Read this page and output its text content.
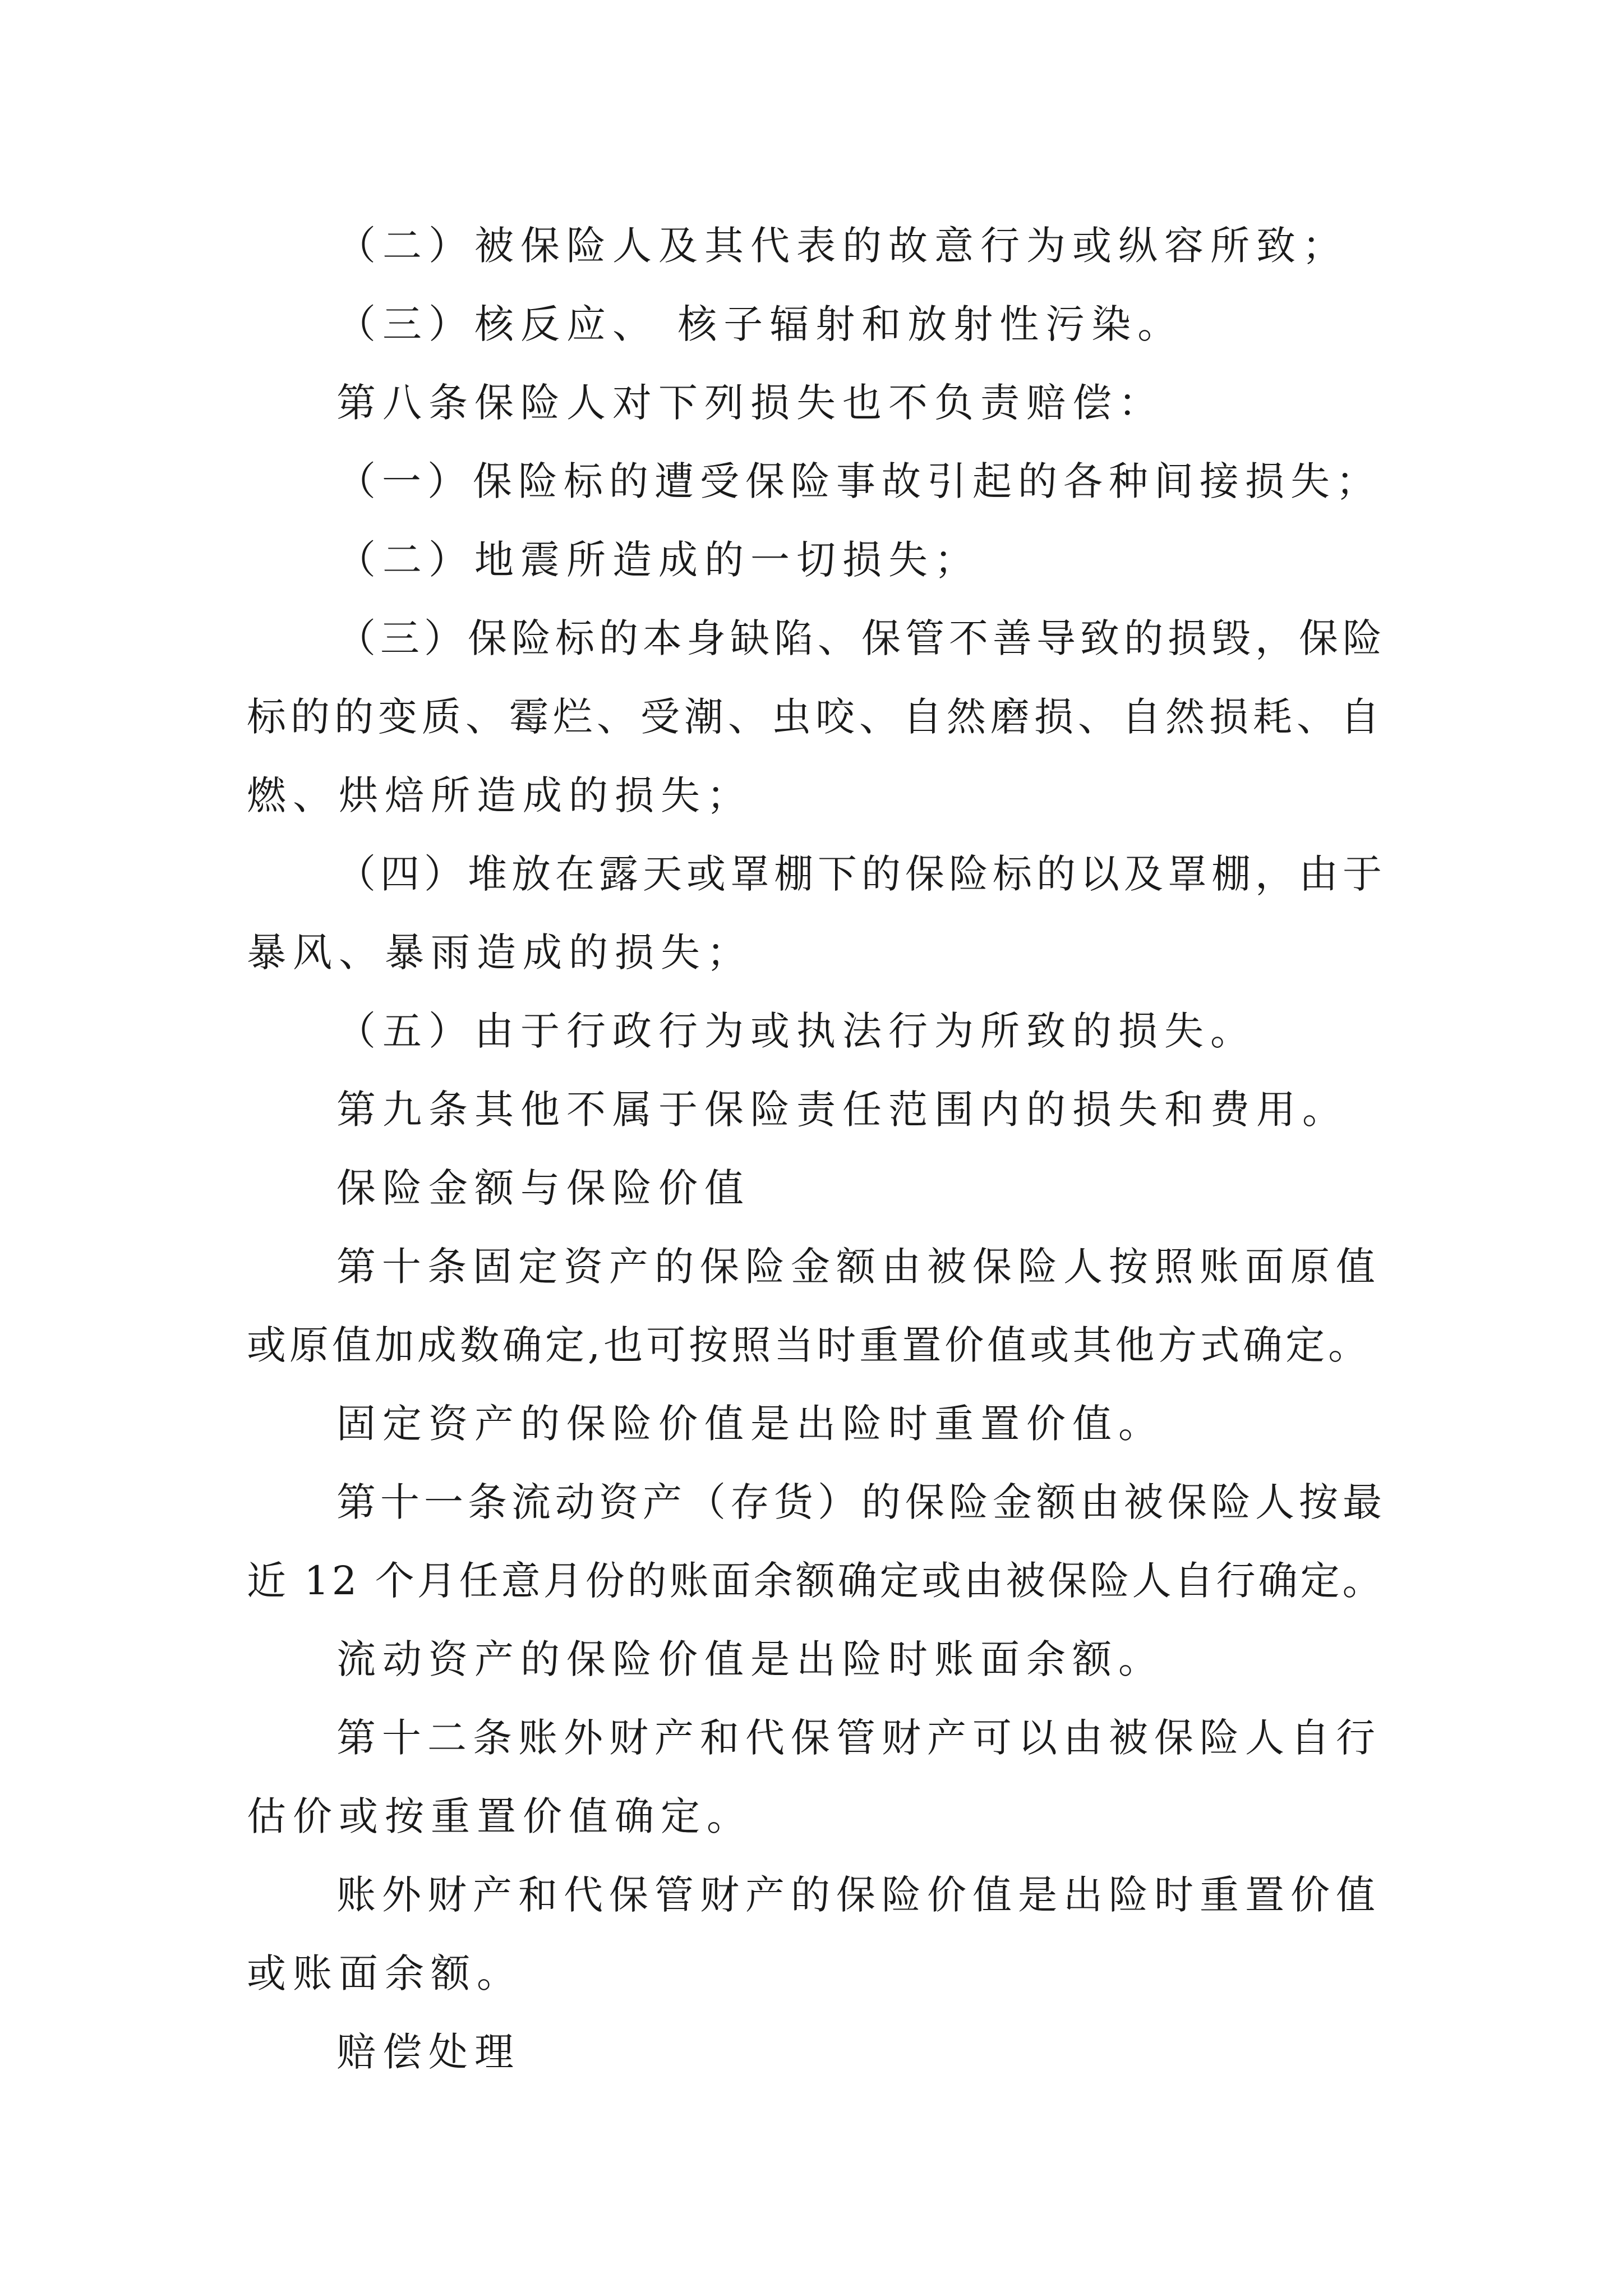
（二）被保险人及其代表的故意行为或纵容所致；
（三）核反应、 核子辐射和放射性污染。
第八条保险人对下列损失也不负责赔偿：
（一）保险标的遭受保险事故引起的各种间接损失；
（二）地震所造成的一切损失；
（三）保险标的本身缺陷、保管不善导致的损毁，保险
标的的变质、霉烂、受潮、虫咬、自然磨损、自然损耗、自
燃、烘焙所造成的损失；
（四）堆放在露天或罩棚下的保险标的以及罩棚，由于
暴风、暴雨造成的损失；
（五）由于行政行为或执法行为所致的损失。
第九条其他不属于保险责任范围内的损失和费用。
保险金额与保险价值
第十条固定资产的保险金额由被保险人按照账面原值
或原值加成数确定,也可按照当时重置价值或其他方式确定。
固定资产的保险价值是出险时重置价值。
第十一条流动资产（存货）的保险金额由被保险人按最
近 12 个月任意月份的账面余额确定或由被保险人自行确定。
流动资产的保险价值是出险时账面余额。
第十二条账外财产和代保管财产可以由被保险人自行
估价或按重置价值确定。
账外财产和代保管财产的保险价值是出险时重置价值
或账面余额。
赔偿处理
